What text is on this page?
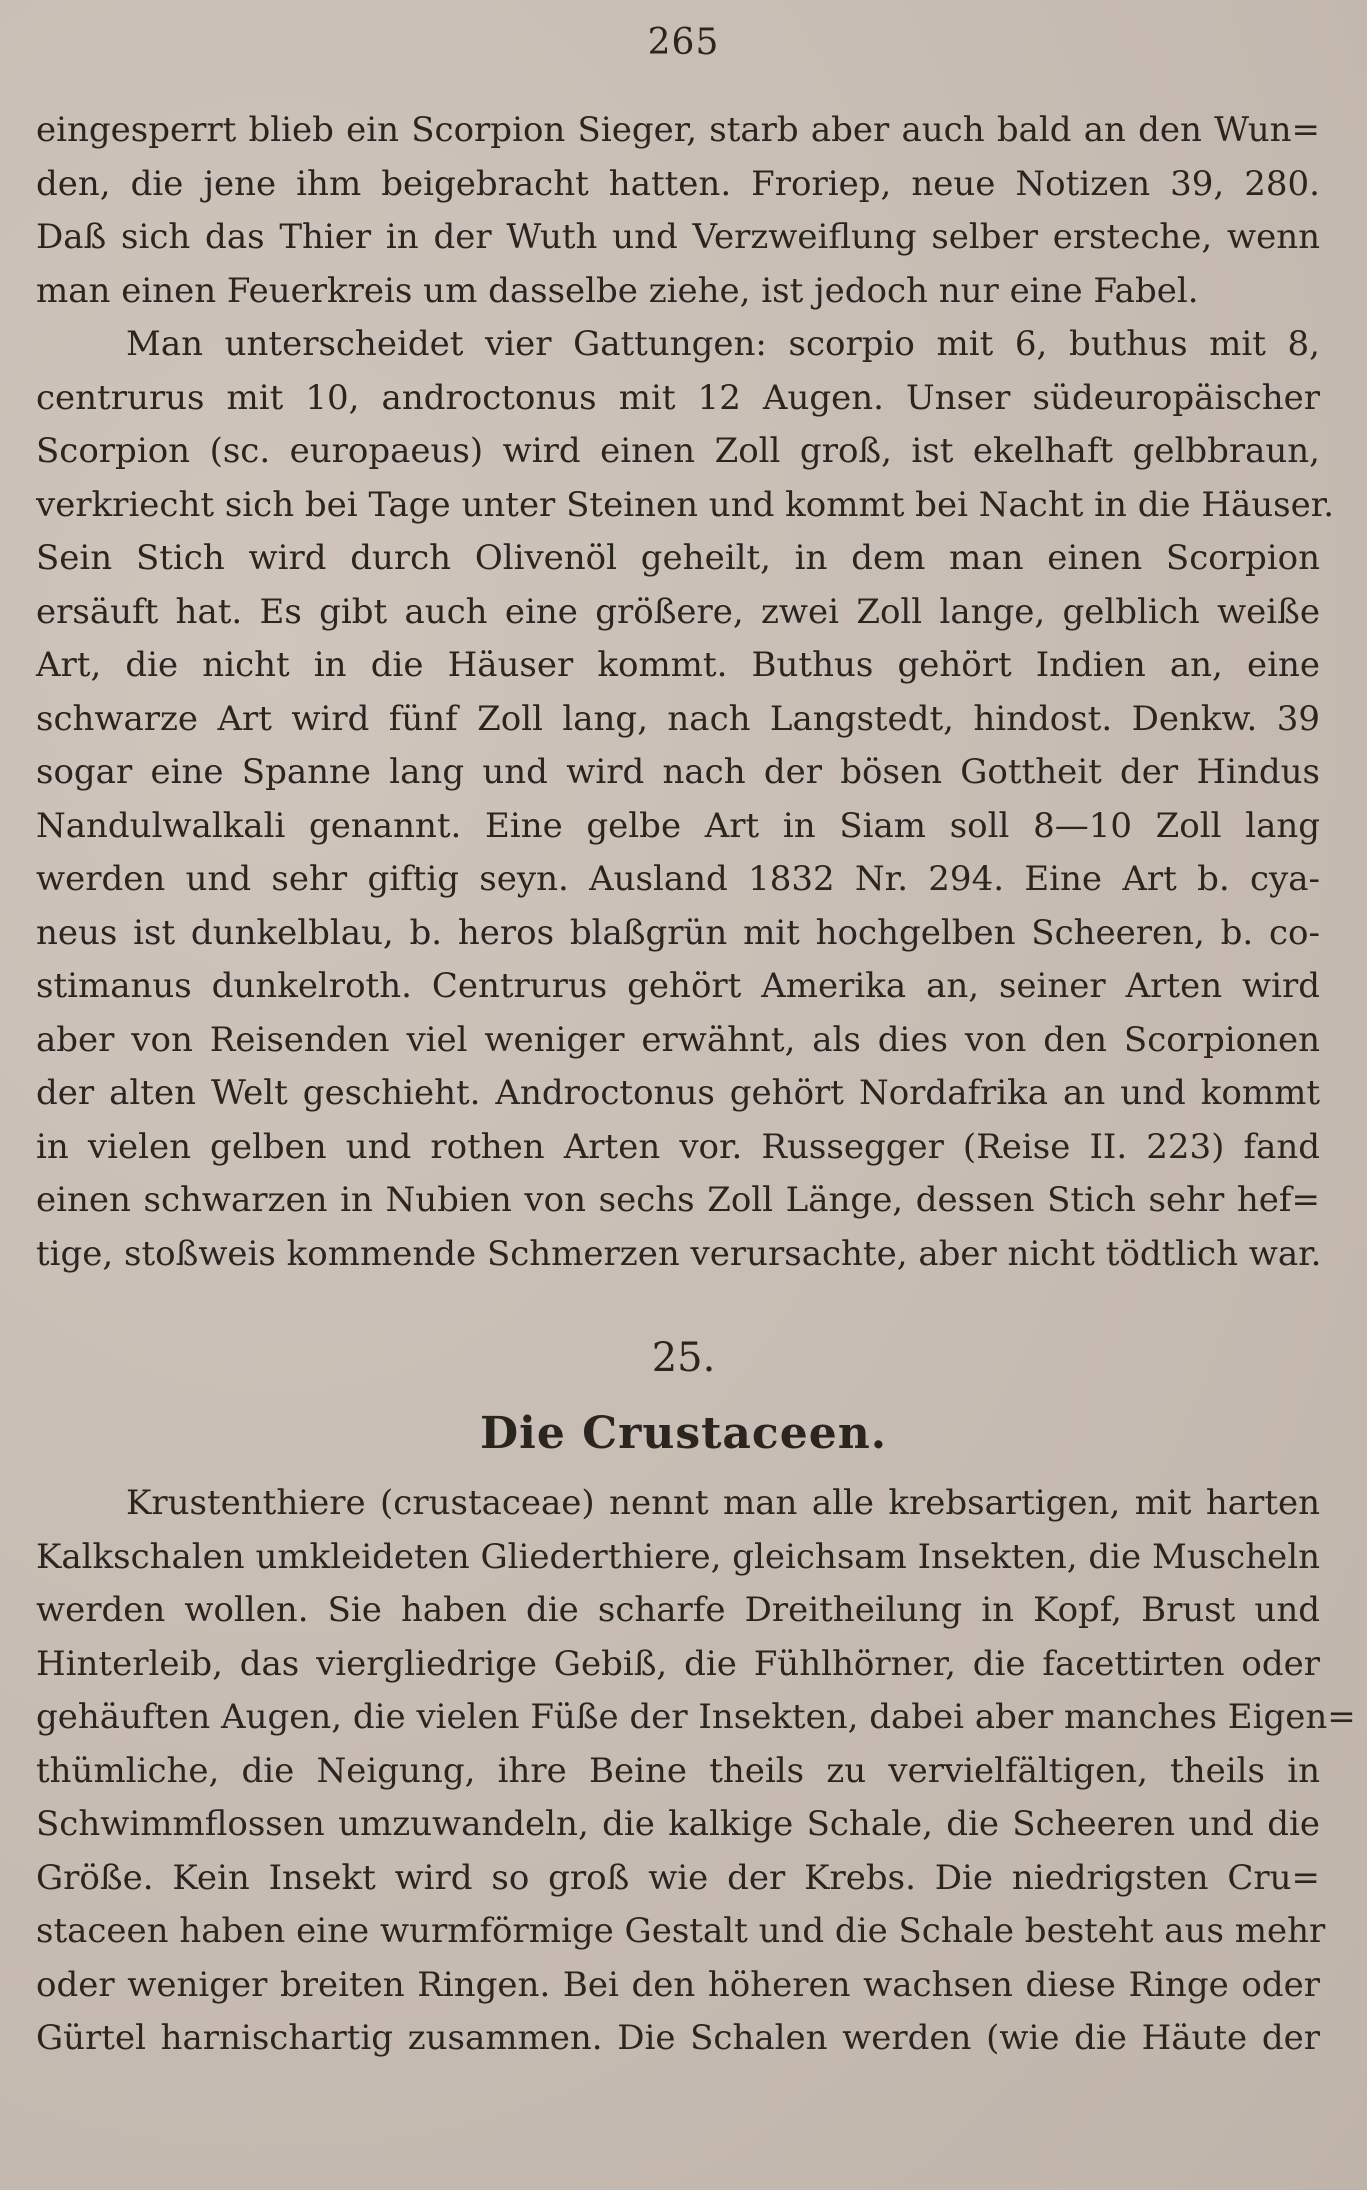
265

eingesperrt blieb ein Scorpion Sieger, starb aber auch bald an den Wun=
den, die jene ihm beigebracht hatten. Froriep, neue Notizen 39, 280.
Daß sich das Thier in der Wuth und Verzweiflung selber ersteche, wenn
man einen Feuerkreis um dasselbe ziehe, ist jedoch nur eine Fabel.

Man unterscheidet vier Gattungen: scorpio mit 6, buthus mit 8,
centrurus mit 10, androctonus mit 12 Augen. Unser südeuropäischer
Scorpion (sc. europaeus) wird einen Zoll groß, ist ekelhaft gelbbraun,
verkriecht sich bei Tage unter Steinen und kommt bei Nacht in die Häuser.
Sein Stich wird durch Olivenöl geheilt, in dem man einen Scorpion
ersäuft hat. Es gibt auch eine größere, zwei Zoll lange, gelblich weiße
Art, die nicht in die Häuser kommt. Buthus gehört Indien an, eine
schwarze Art wird fünf Zoll lang, nach Langstedt, hindost. Denkw. 39
sogar eine Spanne lang und wird nach der bösen Gottheit der Hindus
Nandulwalkali genannt. Eine gelbe Art in Siam soll 8—10 Zoll lang
werden und sehr giftig seyn. Ausland 1832 Nr. 294. Eine Art b. cya-
neus ist dunkelblau, b. heros blaßgrün mit hochgelben Scheeren, b. co-
stimanus dunkelroth. Centrurus gehört Amerika an, seiner Arten wird
aber von Reisenden viel weniger erwähnt, als dies von den Scorpionen
der alten Welt geschieht. Androctonus gehört Nordafrika an und kommt
in vielen gelben und rothen Arten vor. Russegger (Reise II. 223) fand
einen schwarzen in Nubien von sechs Zoll Länge, dessen Stich sehr hef=
tige, stoßweis kommende Schmerzen verursachte, aber nicht tödtlich war.

25.
Die Crustaceen.

Krustenthiere (crustaceae) nennt man alle krebsartigen, mit harten
Kalkschalen umkleideten Gliederthiere, gleichsam Insekten, die Muscheln
werden wollen. Sie haben die scharfe Dreitheilung in Kopf, Brust und
Hinterleib, das viergliedrige Gebiß, die Fühlhörner, die facettirten oder
gehäuften Augen, die vielen Füße der Insekten, dabei aber manches Eigen=
thümliche, die Neigung, ihre Beine theils zu vervielfältigen, theils in
Schwimmflossen umzuwandeln, die kalkige Schale, die Scheeren und die
Größe. Kein Insekt wird so groß wie der Krebs. Die niedrigsten Cru=
staceen haben eine wurmförmige Gestalt und die Schale besteht aus mehr
oder weniger breiten Ringen. Bei den höheren wachsen diese Ringe oder
Gürtel harnischartig zusammen. Die Schalen werden (wie die Häute der
